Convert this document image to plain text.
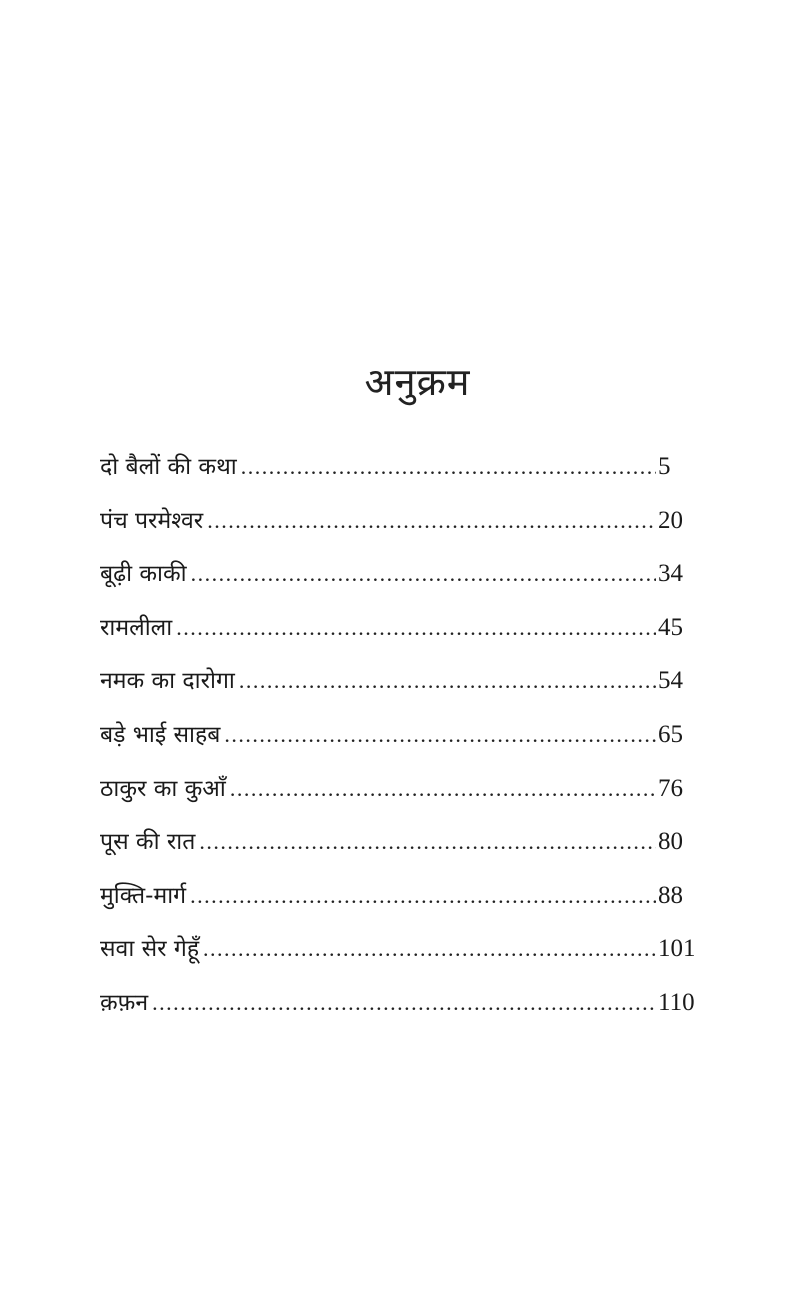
अनुक्रम
दो बैलों की कथा .....	5
पंच परमेश्‍वर .....	20
बूढ़ी काकी .....	34
रामलीला .....	45
नमक का दारोगा .....	54
बड़े भाई साहब .....	65
ठाकुर का कुआँ .....	76
पूस की रात .....	80
मुक्ति-मार्ग .....	88
सवा सेर गेहूँ .....	101
क़फ़न .....	110
